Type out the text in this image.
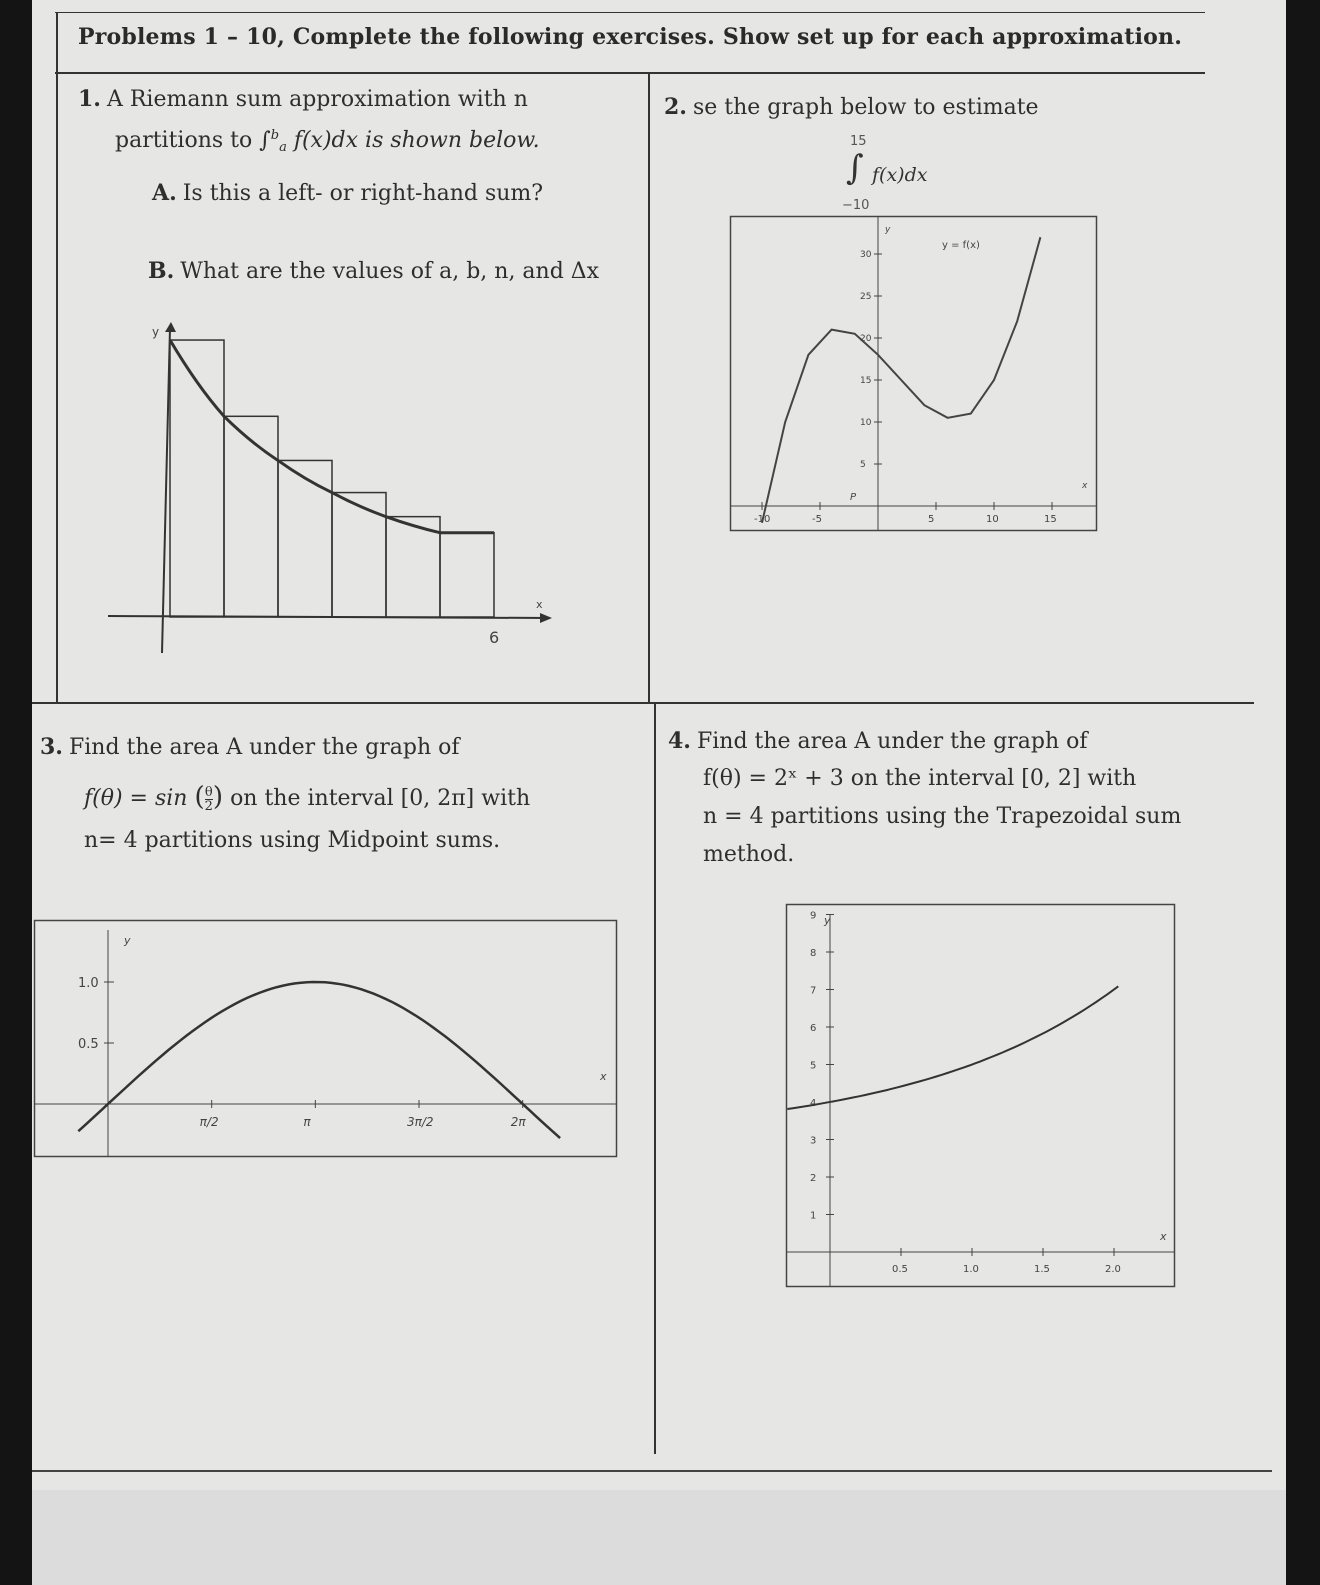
Problems 1 – 10, Complete the following exercises. Show set up for each approximation.
1. A Riemann sum approximation with n
partitions to ∫$^b_a$ f(x)dx is shown below.
A. Is this a left- or right-hand sum?
B. What are the values of a, b, n, and Δx
y
x
6
2. se the graph below to estimate
15
∫ f(x)dx
−10
30
25
20
15
10
5
-10	-5	5	10	15
y
x
y = f(x)
P
3. Find the area A under the graph of
f(θ) = sin ( $\frac{\theta}{2}$ ) on the interval [0, 2π] with
n= 4 partitions using Midpoint sums.
1.0
0.5
π/2	π	3π/2	2π
y
x
4. Find the area A under the graph of
f(θ) = 2ˣ + 3 on the interval [0, 2] with
n = 4 partitions using the Trapezoidal sum
method.
9
8
7
6
5
4
3
2
1
0.5	1.0	1.5	2.0
y
x
